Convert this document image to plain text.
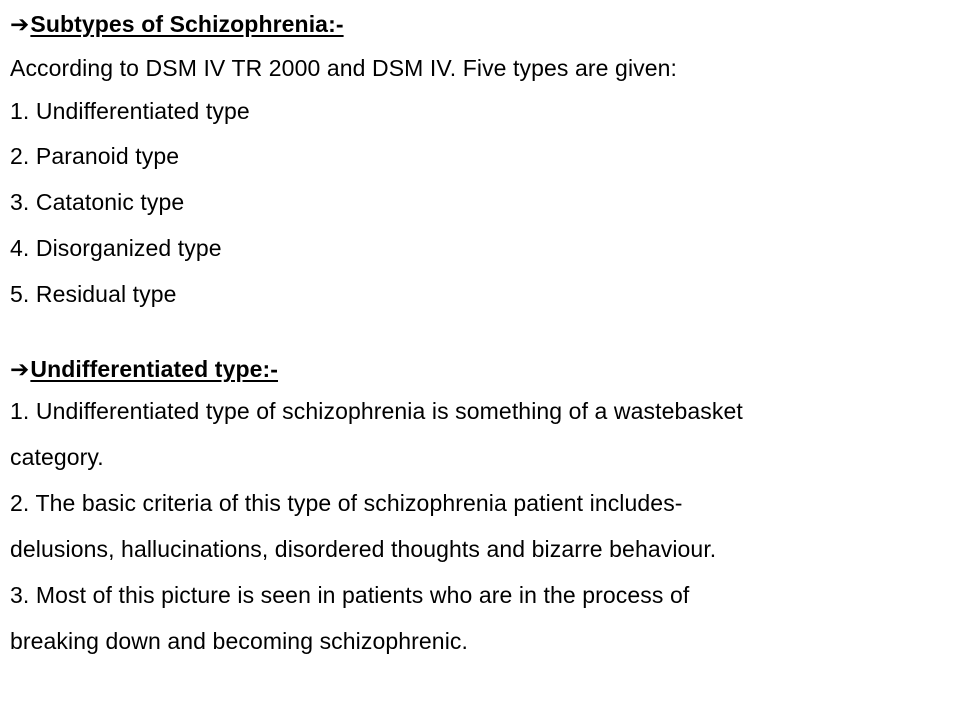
➔Subtypes of Schizophrenia:-
According to DSM IV TR 2000 and DSM IV. Five types are given:
1. Undifferentiated type
2. Paranoid type
3. Catatonic type
4. Disorganized type
5. Residual type
➔Undifferentiated type:-
1. Undifferentiated type of schizophrenia is something of a wastebasket
category.
2. The basic criteria of this type of schizophrenia patient includes-
delusions, hallucinations, disordered thoughts and bizarre behaviour.
3. Most of this picture is seen in patients who are in the process of
breaking down and becoming schizophrenic.
